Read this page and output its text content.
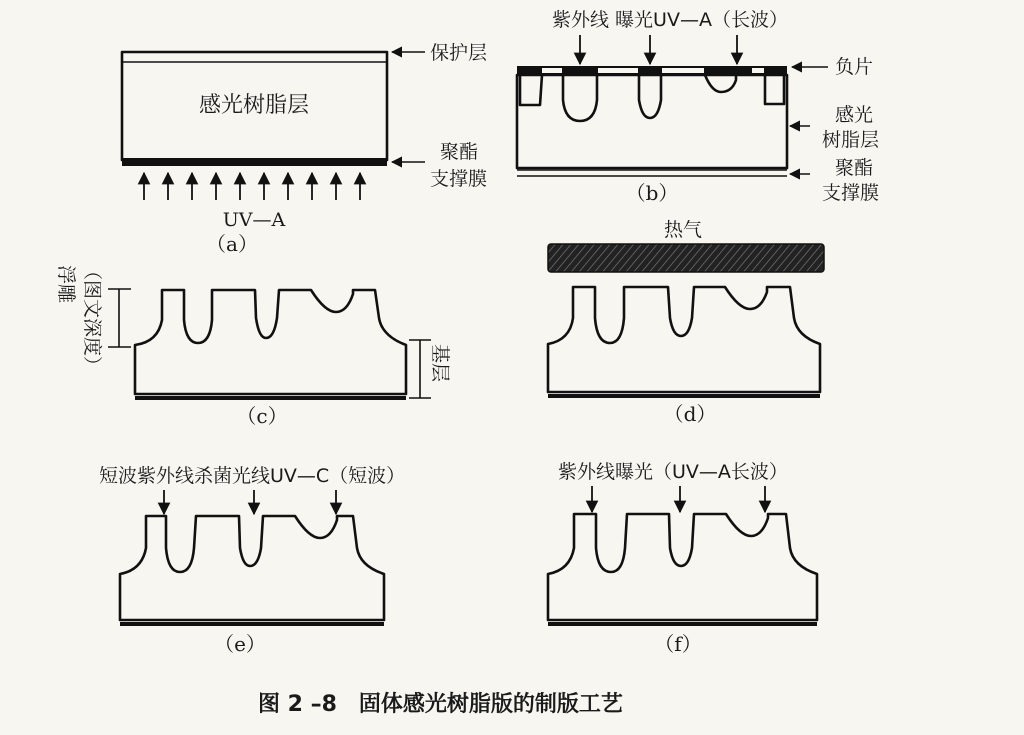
感光树脂层
保护层
聚酯
支撑膜
UV—A
（a）
紫外线 曝光UV—A（长波）
负片
感光
树脂层
聚酯
支撑膜
（b）
浮雕 （图文深度）	基层
（c）
热气
（d）
短波紫外线杀菌光线UV—C（短波）
（e）
紫外线曝光（UV—A长波）
（f）
图 2 –8　固体感光树脂版的制版工艺
